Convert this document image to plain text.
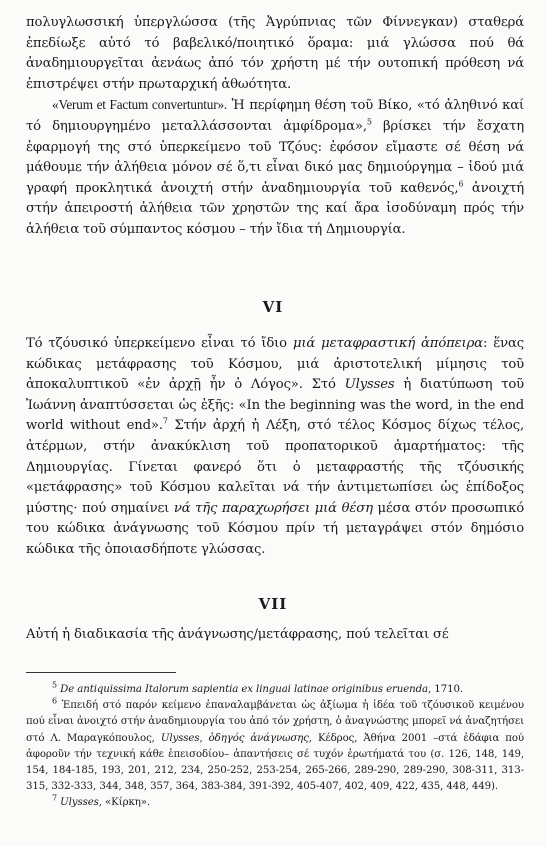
πολυγλωσσική ὑπεργλώσσα (τῆς Ἀγρύπνιας τῶν Φίννεγκαν) σταθερά ἐπεδίωξε αὐτό τό βαβελικό/ποιητικό ὅραμα: μιά γλώσσα πού θά ἀναδημιουργεῖται ἀενάως ἀπό τόν χρήστη μέ τήν ουτοπική πρόθεση νά ἐπιστρέψει στήν πρωταρχική ἀθωότητα.

«Verum et Factum convertuntur». Ἡ περίφημη θέση τοῦ Βίκο, «τό ἀληθινό καί τό δημιουργημένο μεταλλάσσονται ἀμφίδρομα»,$^5$ βρίσκει τήν ἔσχατη ἐφαρμογή της στό ὑπερκείμενο τοῦ Τζόυς: ἐφόσον εἴμαστε σέ θέση νά μάθουμε τήν ἀλήθεια μόνον σέ ὅ,τι εἶναι δικό μας δημιούργημα – ἰδού μιά γραφή προκλητικά ἀνοιχτή στήν ἀναδημιουργία τοῦ καθενός,$^6$ ἀνοιχτή στήν ἀπειροστή ἀλήθεια τῶν χρηστῶν της καί ἄρα ἰσοδύναμη πρός τήν ἀλήθεια τοῦ σύμπαντος κόσμου – τήν ἴδια τή Δημιουργία.

VI

Τό τζόυσικό ὑπερκείμενο εἶναι τό ἴδιο μιά μεταφραστική ἀπόπειρα: ἕνας κώδικας μετάφρασης τοῦ Κόσμου, μιά ἀριστοτελική μίμησις τοῦ ἀποκαλυπτικοῦ «ἐν ἀρχῇ ἦν ὁ Λόγος». Στό Ulysses ἡ διατύπωση τοῦ Ἰωάννη ἀναπτύσσεται ὡς ἑξῆς: «In the beginning was the word, in the end world without end».$^7$ Στήν ἀρχή ἡ Λέξη, στό τέλος Κόσμος δίχως τέλος, ἀτέρμων, στήν ἀνακύκλιση τοῦ προπατορικοῦ ἁμαρτήματος: τῆς Δημιουργίας. Γίνεται φανερό ὅτι ὁ μεταφραστής τῆς τζόυσικής «μετάφρασης» τοῦ Κόσμου καλεῖται νά τήν ἀντιμετωπίσει ὡς ἐπίδοξος μύστης· πού σημαίνει νά τῆς παραχωρήσει μιά θέση μέσα στόν προσωπικό του κώδικα ἀνάγνωσης τοῦ Κόσμου πρίν τή μεταγράψει στόν δημόσιο κώδικα τῆς ὁποιασδήποτε γλώσσας.

VII

Αὐτή ἡ διαδικασία τῆς ἀνάγνωσης/μετάφρασης, πού τελεῖται σέ

$^5$ De antiquissima Italorum sapientia ex linguai latinae originibus eruenda, 1710.

$^6$ Ἐπειδή στό παρόν κείμενο ἐπαναλαμβάνεται ὡς ἀξίωμα ἡ ἰδέα τοῦ τζόυσικοῦ κειμένου πού εἶναι ἀνοιχτό στήν ἀναδημιουργία του ἀπό τόν χρήστη, ὁ ἀναγνώστης μπορεῖ νά ἀναζητήσει στό Λ. Μαραγκόπουλος, Ulysses, ὁδηγός ἀνάγνωσης, Κέδρος, Ἀθήνα 2001 –στά ἐδάφια πού ἀφοροῦν τήν τεχνική κάθε ἐπεισοδίου– ἀπαντήσεις σέ τυχόν ἐρωτήματά του (σ. 126, 148, 149, 154, 184-185, 193, 201, 212, 234, 250-252, 253-254, 265-266, 289-290, 289-290, 308-311, 313-315, 332-333, 344, 348, 357, 364, 383-384, 391-392, 405-407, 402, 409, 422, 435, 448, 449).

$^7$ Ulysses, «Κίρκη».
